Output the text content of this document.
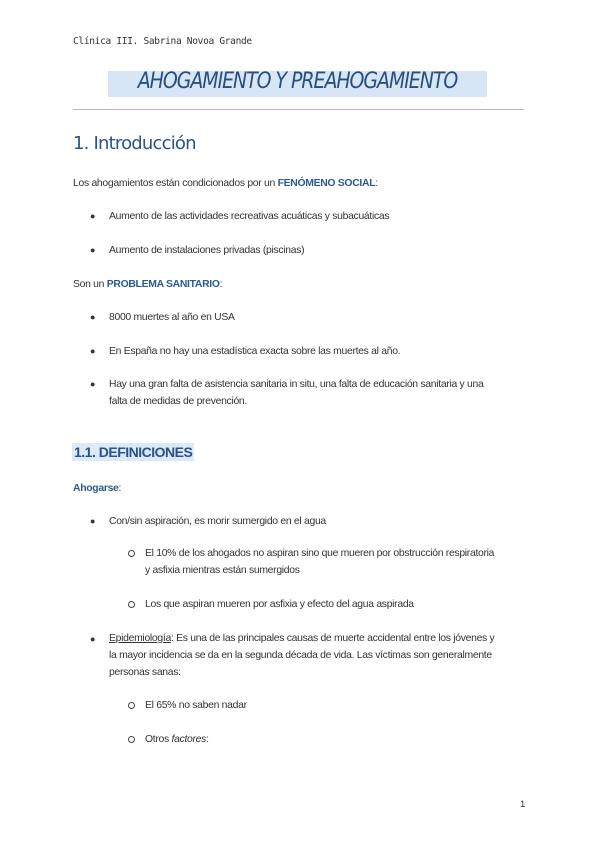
Clínica III. Sabrina Novoa Grande
AHOGAMIENTO Y PREAHOGAMIENTO
1. Introducción
Los ahogamientos están condicionados por un FENÓMENO SOCIAL:
● Aumento de las actividades recreativas acuáticas y subacuáticas
● Aumento de instalaciones privadas (piscinas)
Son un PROBLEMA SANITARIO:
● 8000 muertes al año en USA
● En España no hay una estadística exacta sobre las muertes al año.
● Hay una gran falta de asistencia sanitaria in situ, una falta de educación sanitaria y una
falta de medidas de prevención.
1.1. DEFINICIONES
Ahogarse:
● Con/sin aspiración, es morir sumergido en el agua
El 10% de los ahogados no aspiran sino que mueren por obstrucción respiratoria
y asfixia mientras están sumergidos
Los que aspiran mueren por asfixia y efecto del agua aspirada
● Epidemiología: Es una de las principales causas de muerte accidental entre los jóvenes y
la mayor incidencia se da en la segunda década de vida. Las víctimas son generalmente
personas sanas:
El 65% no saben nadar
Otros factores:
1
